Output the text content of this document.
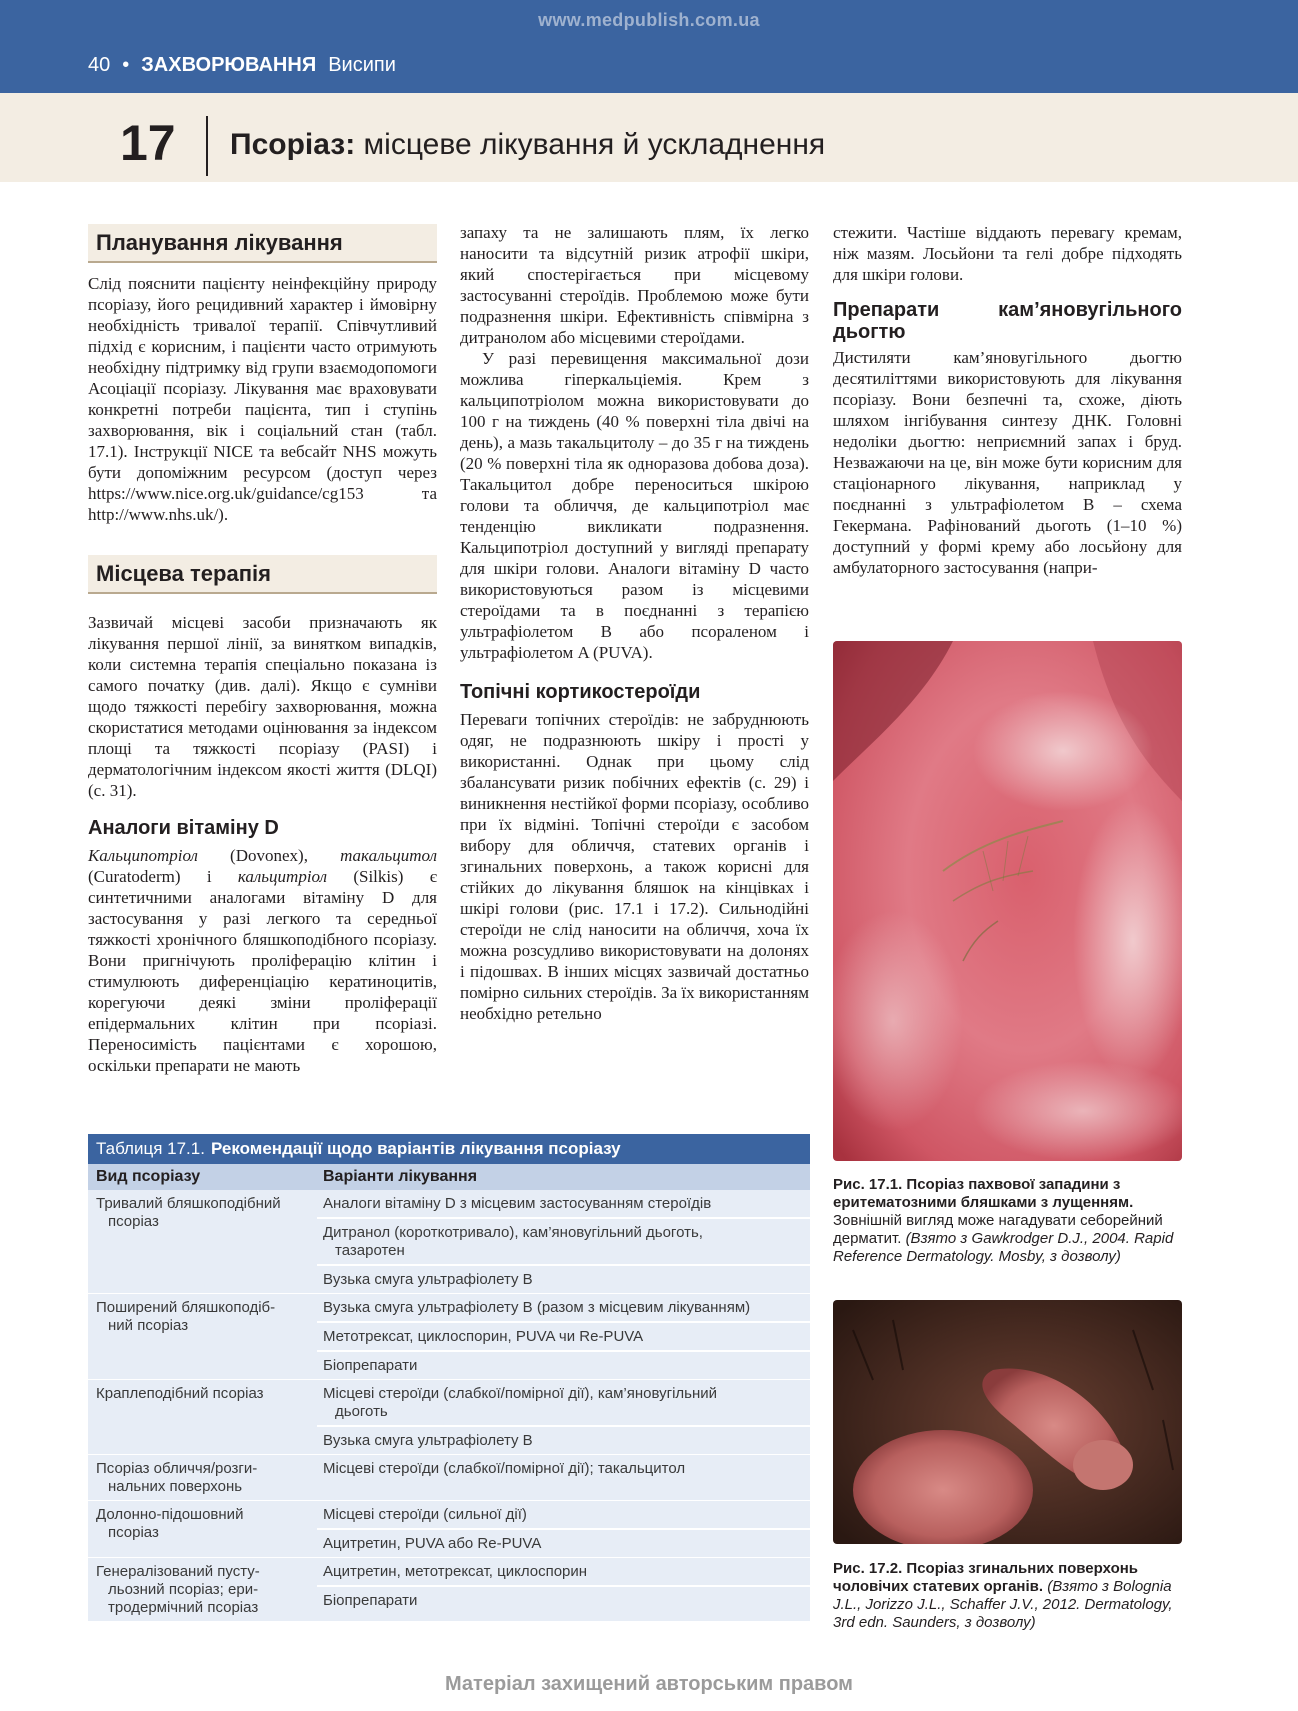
www.medpublish.com.ua
40 • ЗАХВОРЮВАННЯ Висипи
17 Псоріаз: місцеве лікування й ускладнення
Планування лікування

Слід пояснити пацієнту неінфекційну природу псоріазу, його рецидивний характер і ймовірну необхідність тривалої терапії. Співчутливий підхід є корисним, і пацієнти часто отримують необхідну підтримку від групи взаємодопомоги Асоціації псоріазу. Лікування має враховувати конкретні потреби пацієнта, тип і ступінь захворювання, вік і соціальний стан (табл. 17.1). Інструкції NICE та вебсайт NHS можуть бути допоміжним ресурсом (доступ через https://www.nice.org.uk/guidance/cg153 та http://www.nhs.uk/).

Місцева терапія

Зазвичай місцеві засоби призначають як лікування першої лінії, за винятком випадків, коли системна терапія спеціально показана із самого початку (див. далі). Якщо є сумніви щодо тяжкості перебігу захворювання, можна скористатися методами оцінювання за індексом площі та тяжкості псоріазу (PASI) і дерматологічним індексом якості життя (DLQI) (с. 31).

Аналоги вітаміну D

Кальципотріол (Dovonex), такальцитол (Curatoderm) і кальцитріол (Silkis) є синтетичними аналогами вітаміну D для застосування у разі легкого та середньої тяжкості хронічного бляшкоподібного псоріазу. Вони пригнічують проліферацію клітин і стимулюють диференціацію кератиноцитів, корегуючи деякі зміни проліферації епідермальних клітин при псоріазі. Переносимість пацієнтами є хорошою, оскільки препарати не мають

запаху та не залишають плям, їх легко наносити та відсутній ризик атрофії шкіри, який спостерігається при місцевому застосуванні стероїдів. Проблемою може бути подразнення шкіри. Ефективність співмірна з дитранолом або місцевими стероїдами.

У разі перевищення максимальної дози можлива гіперкальціемія. Крем з кальципотріолом можна використовувати до 100 г на тиждень (40 % поверхні тіла двічі на день), а мазь такальцитолу – до 35 г на тиждень (20 % поверхні тіла як одноразова добова доза). Такальцитол добре переноситься шкірою голови та обличчя, де кальципотріол має тенденцію викликати подразнення. Кальципотріол доступний у вигляді препарату для шкіри голови. Аналоги вітаміну D часто використовуються разом із місцевими стероїдами та в поєднанні з терапією ультрафіолетом B або псораленом і ультрафіолетом A (PUVA).

Топічні кортикостероїди

Переваги топічних стероїдів: не забруднюють одяг, не подразнюють шкіру і прості у використанні. Однак при цьому слід збалансувати ризик побічних ефектів (с. 29) і виникнення нестійкої форми псоріазу, особливо при їх відміні. Топічні стероїди є засобом вибору для обличчя, статевих органів і згинальних поверхонь, а також корисні для стійких до лікування бляшок на кінцівках і шкірі голови (рис. 17.1 і 17.2). Сильнодійні стероїди не слід наносити на обличчя, хоча їх можна розсудливо використовувати на долонях і підошвах. В інших місцях зазвичай достатньо помірно сильних стероїдів. За їх використанням необхідно ретельно

стежити. Частіше віддають перевагу кремам, ніж мазям. Лосьйони та гелі добре підходять для шкіри голови.

Препарати кам’яновугільного дьогтю

Дистиляти кам’яновугільного дьогтю десятиліттями використовують для лікування псоріазу. Вони безпечні та, схоже, діють шляхом інгібування синтезу ДНК. Головні недоліки дьогтю: неприємний запах і бруд. Незважаючи на це, він може бути корисним для стаціонарного лікування, наприклад у поєднанні з ультрафіолетом B – схема Гекермана. Рафінований дьоготь (1–10 %) доступний у формі крему або лосьйону для амбулаторного застосування (напри-

Рис. 17.1. Псоріаз пахвової западини з еритематозними бляшками з лущенням. Зовнішній вигляд може нагадувати себорейний дерматит. (Взято з Gawkrodger D.J., 2004. Rapid Reference Dermatology. Mosby, з дозволу)
Рис. 17.2. Псоріаз згинальних поверхонь чоловічих статевих органів. (Взято з Bolognia J.L., Jorizzo J.L., Schaffer J.V., 2012. Dermatology, 3rd edn. Saunders, з дозволу)
Таблиця 17.1. Рекомендації щодо варіантів лікування псоріазу
Вид псоріазу	Варіанти лікування
Тривалий бляшкоподібний
псоріаз
Аналоги вітаміну D з місцевим застосуванням стероїдів
Дитранол (короткотривало), кам’яновугільний дьоготь,
тазаротен
Вузька смуга ультрафіолету B
Поширений бляшкоподіб-
ний псоріаз
Вузька смуга ультрафіолету B (разом з місцевим лікуванням)
Метотрексат, циклоспорин, PUVA чи Re-PUVA
Біопрепарати
Краплеподібний псоріаз	Місцеві стероїди (слабкої/помірної дії), кам’яновугільний
дьоготь
Вузька смуга ультрафіолету B
Псоріаз обличчя/розги-
нальних поверхонь
Місцеві стероїди (слабкої/помірної дії); такальцитол
Долонно-підошовний
псоріаз
Місцеві стероїди (сильної дії)
Ацитретин, PUVA або Re-PUVA
Генералізований пусту-
льозний псоріаз; ери-
тродермічний псоріаз
Ацитретин, метотрексат, циклоспорин
Біопрепарати
Матеріал захищений авторським правом
